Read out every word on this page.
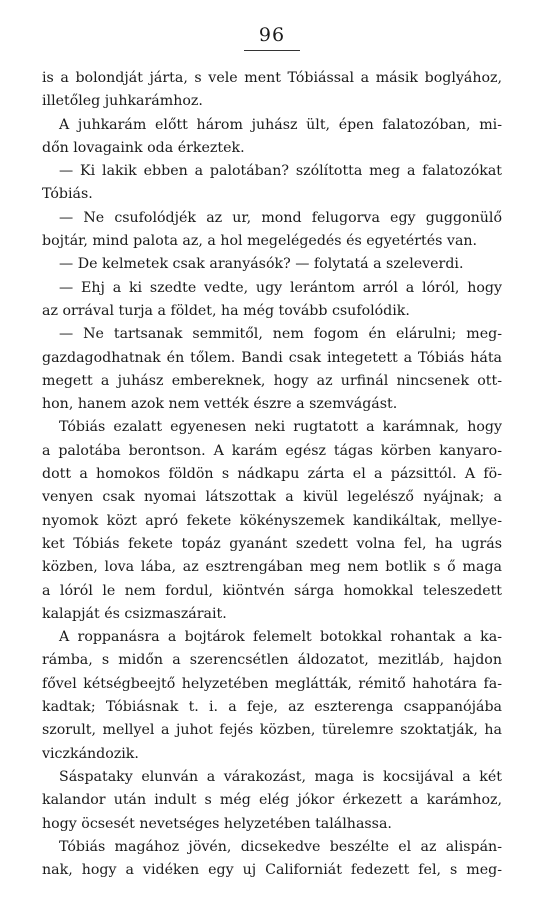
96
is a bolondját járta, s vele ment Tóbiással a másik boglyához,
illetőleg juhkarámhoz.
A juhkarám előtt három juhász ült, épen falatozóban, mi-
dőn lovagaink oda érkeztek.
— Ki lakik ebben a palotában? szólította meg a falatozókat
Tóbiás.
— Ne csufolódjék az ur, mond felugorva egy guggonülő
bojtár, mind palota az, a hol megelégedés és egyetértés van.
— De kelmetek csak aranyásók? — folytatá a szeleverdi.
— Ehj a ki szedte vedte, ugy lerántom arról a lóról, hogy
az orrával turja a földet, ha még tovább csufolódik.
— Ne tartsanak semmitől, nem fogom én elárulni; meg-
gazdagodhatnak én tőlem. Bandi csak integetett a Tóbiás háta
megett a juhász embereknek, hogy az urfinál nincsenek ott-
hon, hanem azok nem vették észre a szemvágást.
Tóbiás ezalatt egyenesen neki rugtatott a karámnak, hogy
a palotába berontson. A karám egész tágas körben kanyaro-
dott a homokos földön s nádkapu zárta el a pázsittól. A fö-
venyen csak nyomai látszottak a kivül legelésző nyájnak; a
nyomok közt apró fekete kökényszemek kandikáltak, mellye-
ket Tóbiás fekete topáz gyanánt szedett volna fel, ha ugrás
közben, lova lába, az esztrengában meg nem botlik s ő maga
a lóról le nem fordul, kiöntvén sárga homokkal teleszedett
kalapját és csizmaszárait.
A roppanásra a bojtárok felemelt botokkal rohantak a ka-
rámba, s midőn a szerencsétlen áldozatot, mezitláb, hajdon
fővel kétségbeejtő helyzetében meglátták, rémitő hahotára fa-
kadtak; Tóbiásnak t. i. a feje, az eszterenga csappanójába
szorult, mellyel a juhot fejés közben, türelemre szoktatják, ha
viczkándozik.
Sáspataky elunván a várakozást, maga is kocsijával a két
kalandor után indult s még elég jókor érkezett a karámhoz,
hogy öcsesét nevetséges helyzetében találhassa.
Tóbiás magához jövén, dicsekedve beszélte el az alispán-
nak, hogy a vidéken egy uj Californiát fedezett fel, s meg-
